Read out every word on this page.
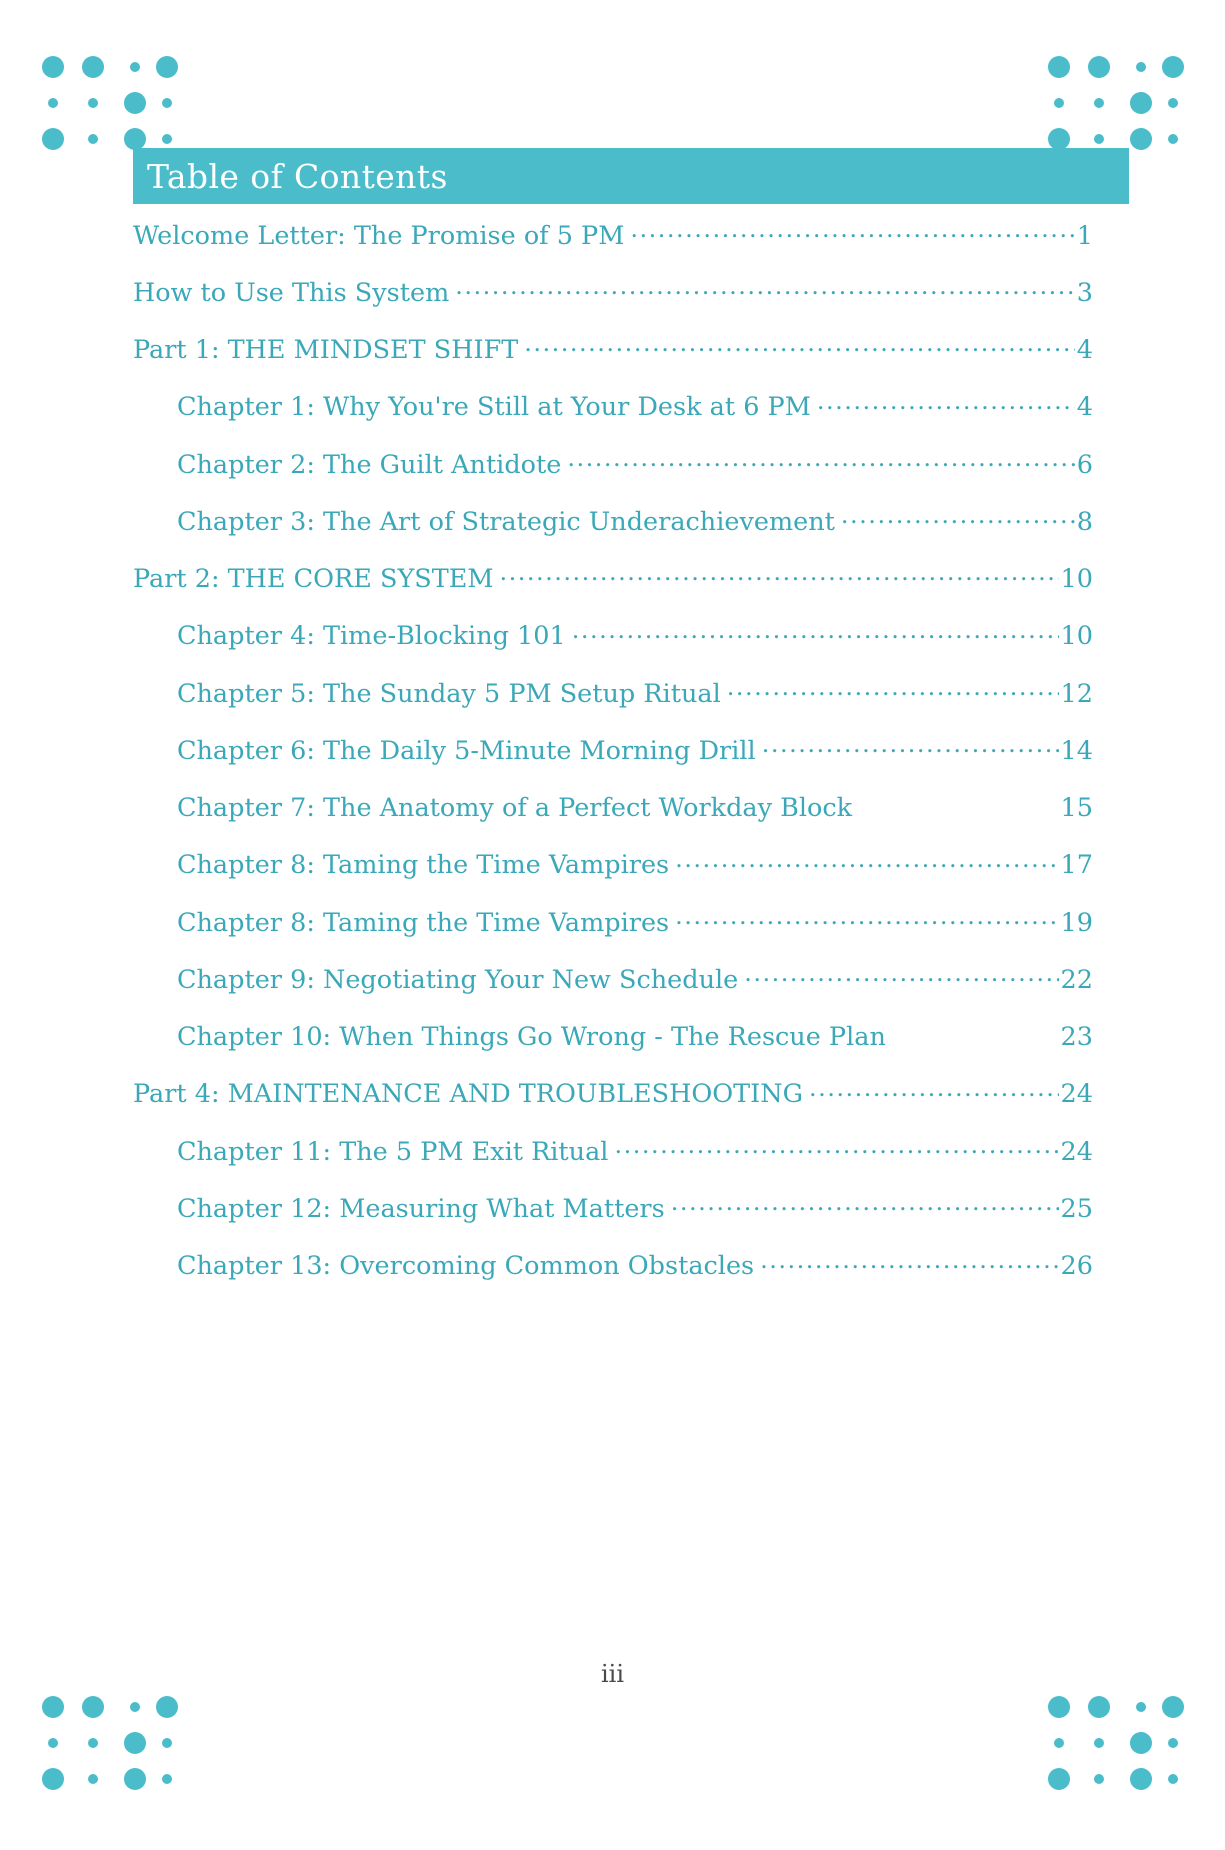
Table of Contents
Welcome Letter: The Promise of 5 PM .....	1
How to Use This System .....	3
Part 1: THE MINDSET SHIFT .....	4
Chapter 1: Why You're Still at Your Desk at 6 PM .....	4
Chapter 2: The Guilt Antidote .....	6
Chapter 3: The Art of Strategic Underachievement .....	8
Part 2: THE CORE SYSTEM .....	10
Chapter 4: Time-Blocking 101 .....	10
Chapter 5: The Sunday 5 PM Setup Ritual .....	12
Chapter 6: The Daily 5-Minute Morning Drill .....	14
Chapter 7: The Anatomy of a Perfect Workday Block	15
Chapter 8: Taming the Time Vampires .....	17
Chapter 8: Taming the Time Vampires .....	19
Chapter 9: Negotiating Your New Schedule .....	22
Chapter 10: When Things Go Wrong - The Rescue Plan	23
Part 4: MAINTENANCE AND TROUBLESHOOTING .....	24
Chapter 11: The 5 PM Exit Ritual .....	24
Chapter 12: Measuring What Matters .....	25
Chapter 13: Overcoming Common Obstacles .....	26
iii
